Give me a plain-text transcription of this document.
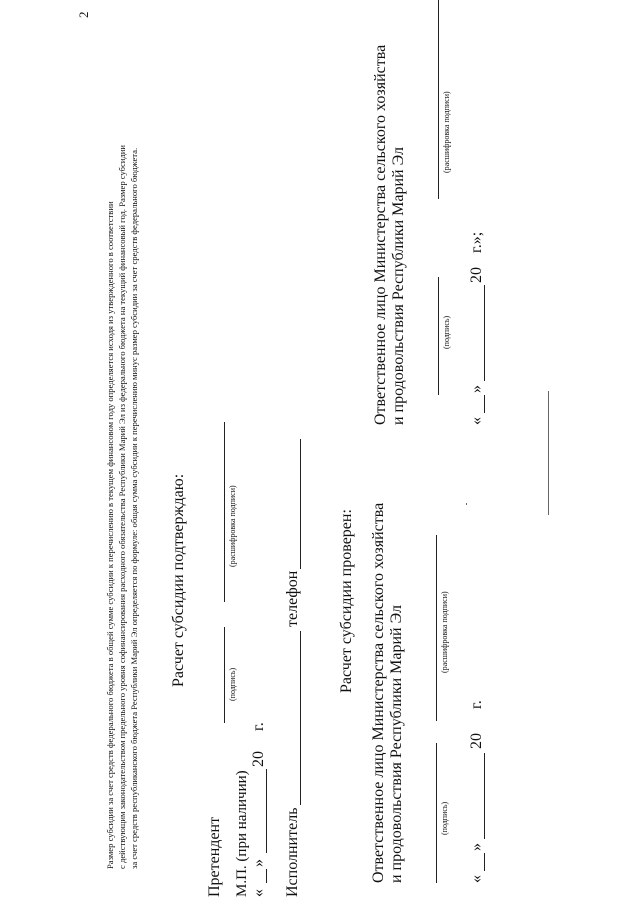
2
Размер субсидии за счет средств федерального бюджета в общей сумме субсидии к перечислению в текущем финансовом году определяется исходя из утвержденного в соответствии с действующим законодательством предельного уровня софинансирования расходного обязательства Республики Марий Эл из федерального бюджета на текущий финансовый год. Размер субсидии за счет средств республиканского бюджета Республики Марий Эл определяется по формуле: общая сумма субсидии к перечислению минус размер субсидии за счет средств федерального бюджета. Расчет субсидии подтверждаю:
Претендент
(подпись)
(расшифровка подписи)
М.П. (при наличии) «
»
20
г.
Исполнитель
телефон Расчет субсидии проверен: Ответственное лицо Министерства сельского хозяйства и продовольствия Республики Марий Эл	(подпись)
(расшифровка подписи)
«
»
20
г.
Ответственное лицо Министерства сельского хозяйства и продовольствия Республики Марий Эл	(подпись)
(расшифровка подписи)
«
»
20
г.»;
